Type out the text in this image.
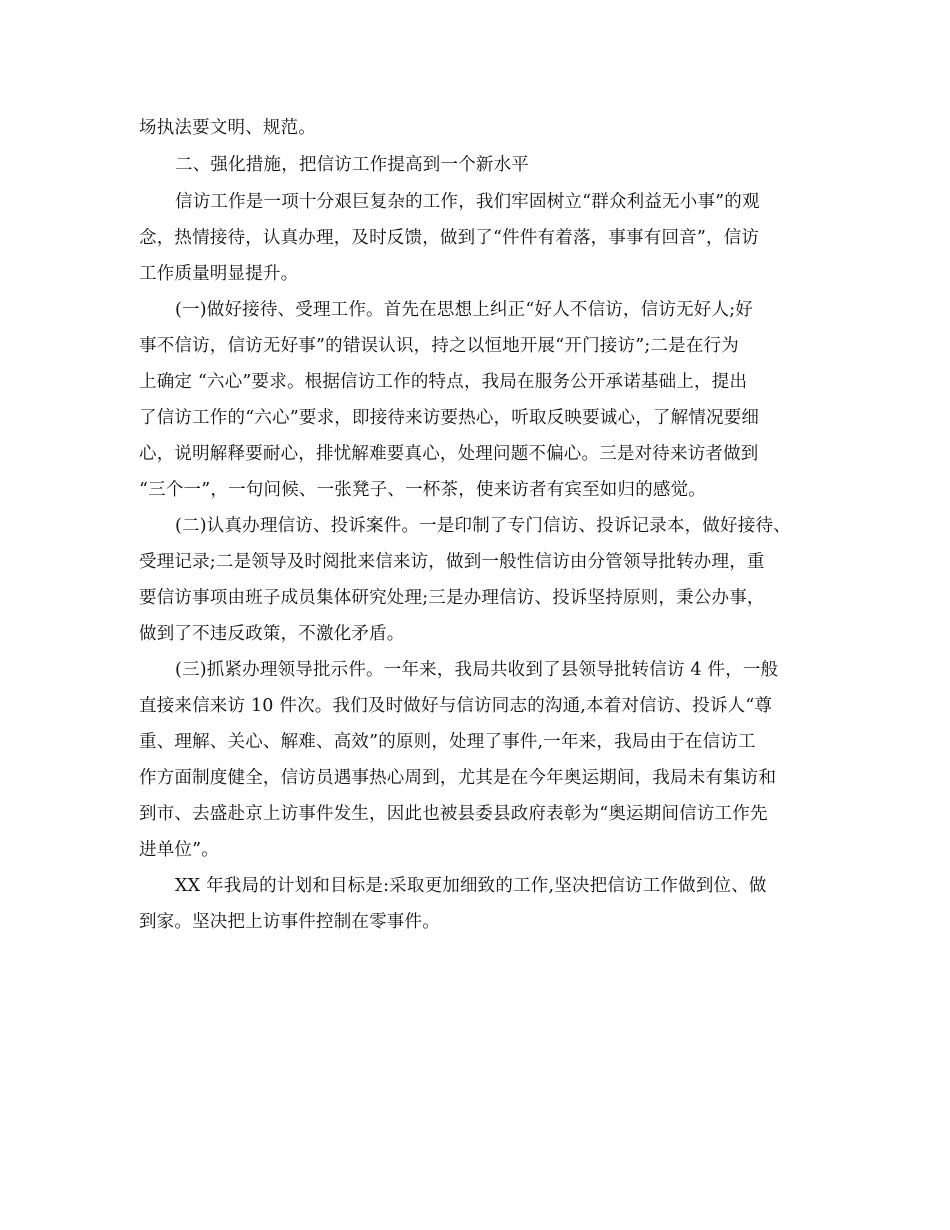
场执法要文明、规范。
二、强化措施，把信访工作提高到一个新水平
信访工作是一项十分艰巨复杂的工作，我们牢固树立“群众利益无小事”的观
念，热情接待，认真办理，及时反馈，做到了“件件有着落，事事有回音”，信访
工作质量明显提升。
(一)做好接待、受理工作。首先在思想上纠正“好人不信访，信访无好人;好
事不信访，信访无好事”的错误认识，持之以恒地开展“开门接访”;二是在行为
上确定 “六心”要求。根据信访工作的特点，我局在服务公开承诺基础上，提出
了信访工作的“六心”要求，即接待来访要热心，听取反映要诚心，了解情况要细
心，说明解释要耐心，排忧解难要真心，处理问题不偏心。三是对待来访者做到
“三个一”，一句问候、一张凳子、一杯茶，使来访者有宾至如归的感觉。
(二)认真办理信访、投诉案件。一是印制了专门信访、投诉记录本，做好接待、
受理记录;二是领导及时阅批来信来访，做到一般性信访由分管领导批转办理，重
要信访事项由班子成员集体研究处理;三是办理信访、投诉坚持原则，秉公办事，
做到了不违反政策，不激化矛盾。
(三)抓紧办理领导批示件。一年来，我局共收到了县领导批转信访 4 件，一般
直接来信来访 10 件次。我们及时做好与信访同志的沟通,本着对信访、投诉人“尊
重、理解、关心、解难、高效”的原则，处理了事件,一年来，我局由于在信访工
作方面制度健全，信访员遇事热心周到，尤其是在今年奥运期间，我局未有集访和
到市、去盛赴京上访事件发生，因此也被县委县政府表彰为“奥运期间信访工作先
进单位”。
XX 年我局的计划和目标是:采取更加细致的工作,坚决把信访工作做到位、做
到家。坚决把上访事件控制在零事件。
